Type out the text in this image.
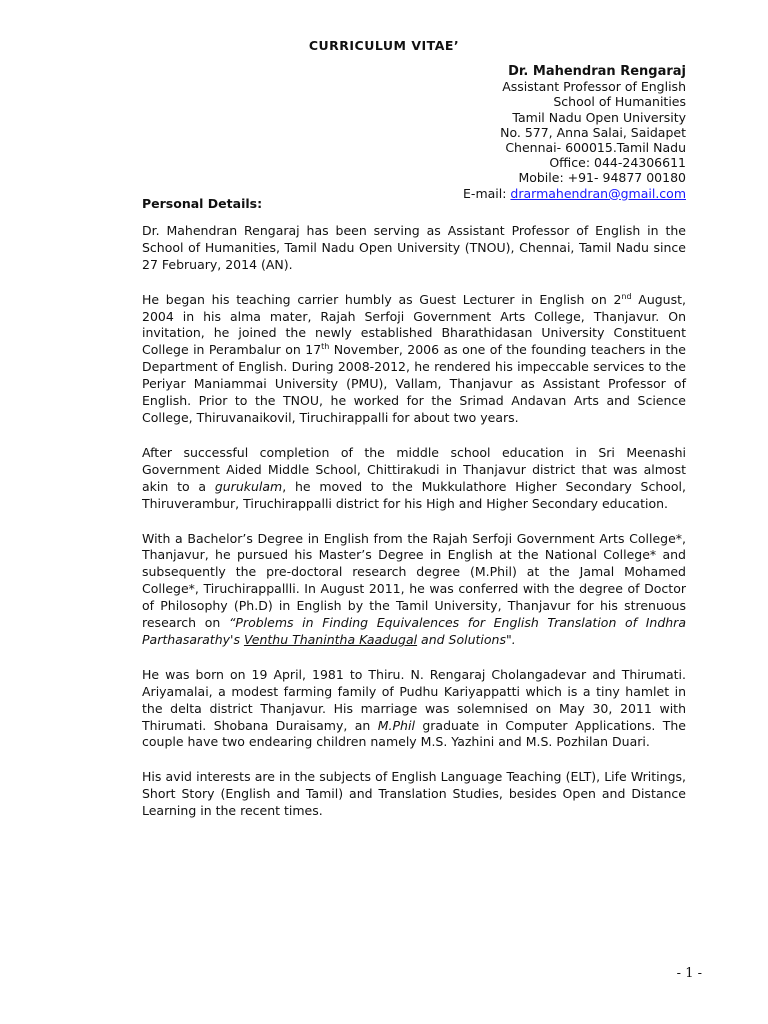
CURRICULUM VITAE’
Dr. Mahendran Rengaraj
Assistant Professor of English
School of Humanities
Tamil Nadu Open University
No. 577, Anna Salai, Saidapet
Chennai- 600015.Tamil Nadu
Office: 044-24306611
Mobile: +91- 94877 00180
E-mail: drarmahendran@gmail.com
Personal Details:

Dr. Mahendran Rengaraj has been serving as Assistant Professor of English in the School of Humanities, Tamil Nadu Open University (TNOU), Chennai, Tamil Nadu since 27 February, 2014 (AN).

He began his teaching carrier humbly as Guest Lecturer in English on 2nd August, 2004 in his alma mater, Rajah Serfoji Government Arts College, Thanjavur. On invitation, he joined the newly established Bharathidasan University Constituent College in Perambalur on 17th November, 2006 as one of the founding teachers in the Department of English. During 2008-2012, he rendered his impeccable services to the Periyar Maniammai University (PMU), Vallam, Thanjavur as Assistant Professor of English. Prior to the TNOU, he worked for the Srimad Andavan Arts and Science College, Thiruvanaikovil, Tiruchirappalli for about two years.

After successful completion of the middle school education in Sri Meenashi Government Aided Middle School, Chittirakudi in Thanjavur district that was almost akin to a gurukulam, he moved to the Mukkulathore Higher Secondary School, Thiruverambur, Tiruchirappalli district for his High and Higher Secondary education.

With a Bachelor’s Degree in English from the Rajah Serfoji Government Arts College*, Thanjavur, he pursued his Master’s Degree in English at the National College* and subsequently the pre-doctoral research degree (M.Phil) at the Jamal Mohamed College*, Tiruchirappallli. In August 2011, he was conferred with the degree of Doctor of Philosophy (Ph.D) in English by the Tamil University, Thanjavur for his strenuous research on “Problems in Finding Equivalences for English Translation of Indhra Parthasarathy's Venthu Thanintha Kaadugal and Solutions".

He was born on 19 April, 1981 to Thiru. N. Rengaraj Cholangadevar and Thirumati. Ariyamalai, a modest farming family of Pudhu Kariyappatti which is a tiny hamlet in the delta district Thanjavur. His marriage was solemnised on May 30, 2011 with Thirumati. Shobana Duraisamy, an M.Phil graduate in Computer Applications. The couple have two endearing children namely M.S. Yazhini and M.S. Pozhilan Duari.

His avid interests are in the subjects of English Language Teaching (ELT), Life Writings, Short Story (English and Tamil) and Translation Studies, besides Open and Distance Learning in the recent times.

- 1 -
